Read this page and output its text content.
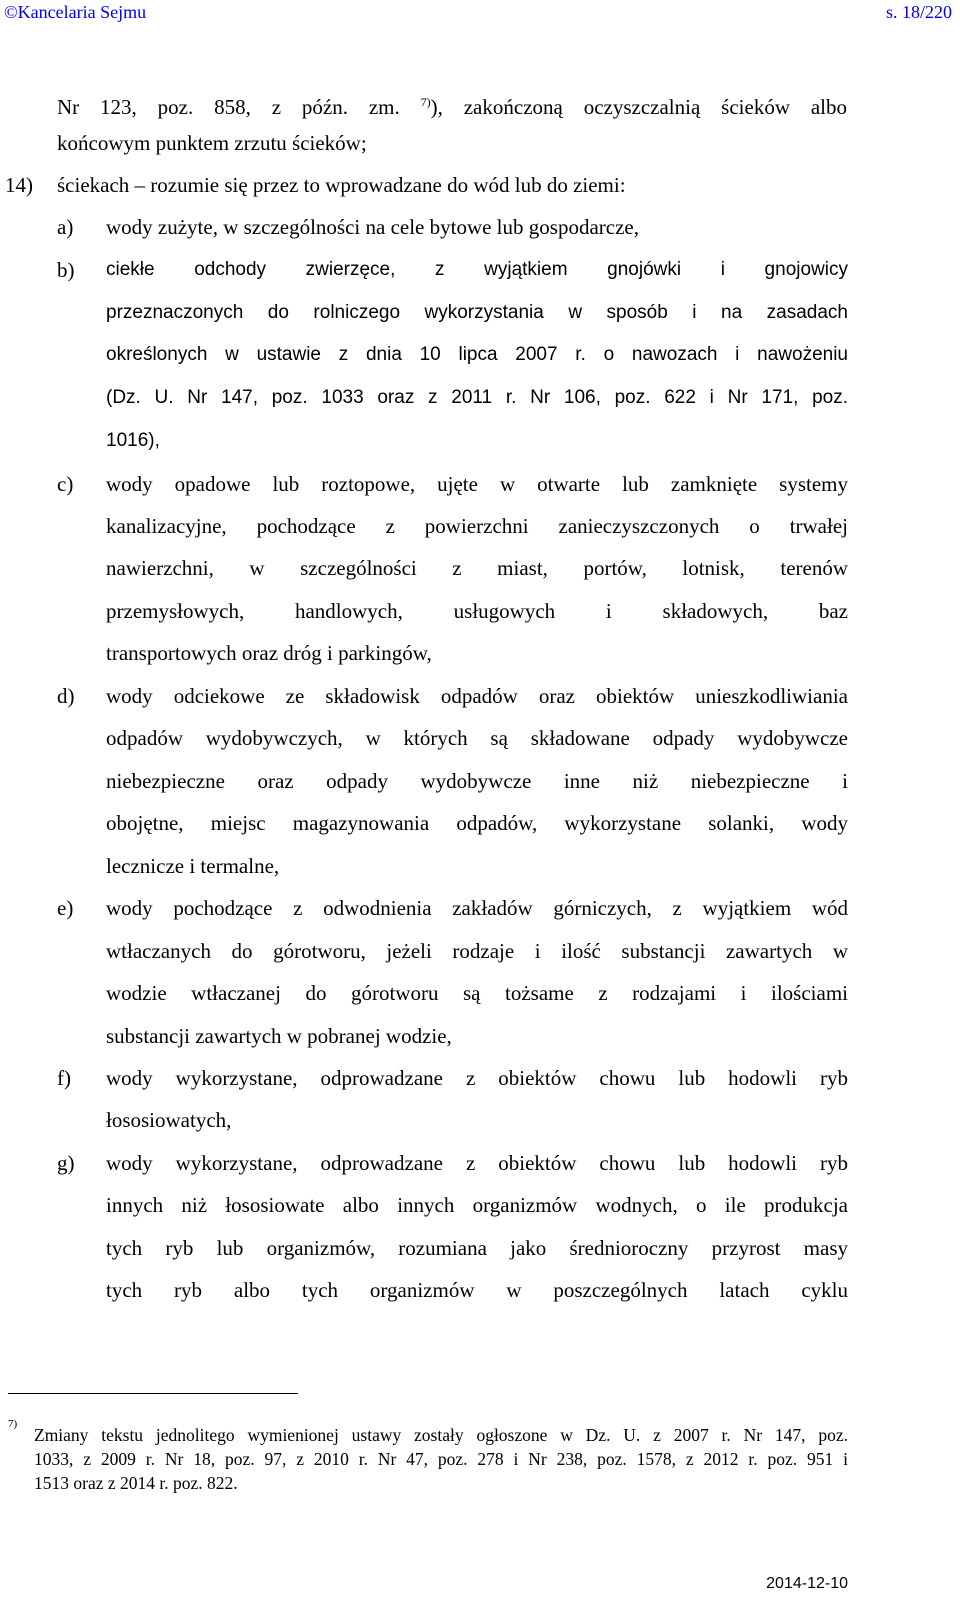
©Kancelaria Sejmu	s. 18/220
Nr 123, poz. 858, z późn. zm. $^{7)}$), zakończoną oczyszczalnią ścieków albo
końcowym punktem zrzutu ścieków;
14) ściekach – rozumie się przez to wprowadzane do wód lub do ziemi:
a) wody zużyte, w szczególności na cele bytowe lub gospodarcze,
b) ciekłe odchody zwierzęce, z wyjątkiem gnojówki i gnojowicy
przeznaczonych do rolniczego wykorzystania w sposób i na zasadach
określonych w ustawie z dnia 10 lipca 2007 r. o nawozach i nawożeniu
(Dz. U. Nr 147, poz. 1033 oraz z 2011 r. Nr 106, poz. 622 i Nr 171, poz.
1016),
c) wody opadowe lub roztopowe, ujęte w otwarte lub zamknięte systemy
kanalizacyjne, pochodzące z powierzchni zanieczyszczonych o trwałej
nawierzchni, w szczególności z miast, portów, lotnisk, terenów
przemysłowych, handlowych, usługowych i składowych, baz
transportowych oraz dróg i parkingów,
d) wody odciekowe ze składowisk odpadów oraz obiektów unieszkodliwiania
odpadów wydobywczych, w których są składowane odpady wydobywcze
niebezpieczne oraz odpady wydobywcze inne niż niebezpieczne i
obojętne, miejsc magazynowania odpadów, wykorzystane solanki, wody
lecznicze i termalne,
e) wody pochodzące z odwodnienia zakładów górniczych, z wyjątkiem wód
wtłaczanych do górotworu, jeżeli rodzaje i ilość substancji zawartych w
wodzie wtłaczanej do górotworu są tożsame z rodzajami i ilościami
substancji zawartych w pobranej wodzie,
f) wody wykorzystane, odprowadzane z obiektów chowu lub hodowli ryb
łososiowatych,
g) wody wykorzystane, odprowadzane z obiektów chowu lub hodowli ryb
innych niż łososiowate albo innych organizmów wodnych, o ile produkcja
tych ryb lub organizmów, rozumiana jako średnioroczny przyrost masy
tych ryb albo tych organizmów w poszczególnych latach cyklu
7)
Zmiany tekstu jednolitego wymienionej ustawy zostały ogłoszone w Dz. U. z 2007 r. Nr 147, poz.
1033, z 2009 r. Nr 18, poz. 97, z 2010 r. Nr 47, poz. 278 i Nr 238, poz. 1578, z 2012 r. poz. 951 i
1513 oraz z 2014 r. poz. 822.
2014-12-10
